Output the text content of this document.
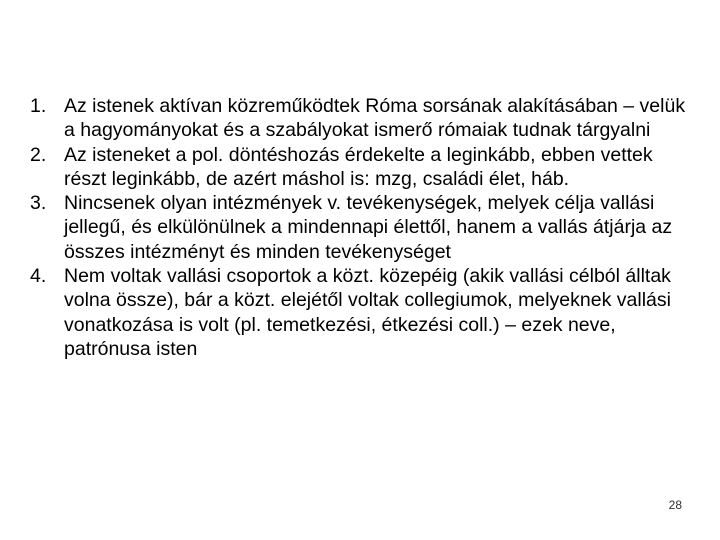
1. Az istenek aktívan közreműködtek Róma sorsának alakításában – velük a hagyományokat és a szabályokat ismerő rómaiak tudnak tárgyalni
2. Az isteneket a pol. döntéshozás érdekelte a leginkább, ebben vettek részt leginkább, de azért máshol is: mzg, családi élet, háb.
3. Nincsenek olyan intézmények v. tevékenységek, melyek célja vallási jellegű, és elkülönülnek a mindennapi élettől, hanem a vallás átjárja az összes intézményt és minden tevékenységet
4. Nem voltak vallási csoportok a közt. közepéig (akik vallási célból álltak volna össze), bár a közt. elejétől voltak collegiumok, melyeknek vallási vonatkozása is volt (pl. temetkezési, étkezési coll.) – ezek neve, patrónusa isten
28
